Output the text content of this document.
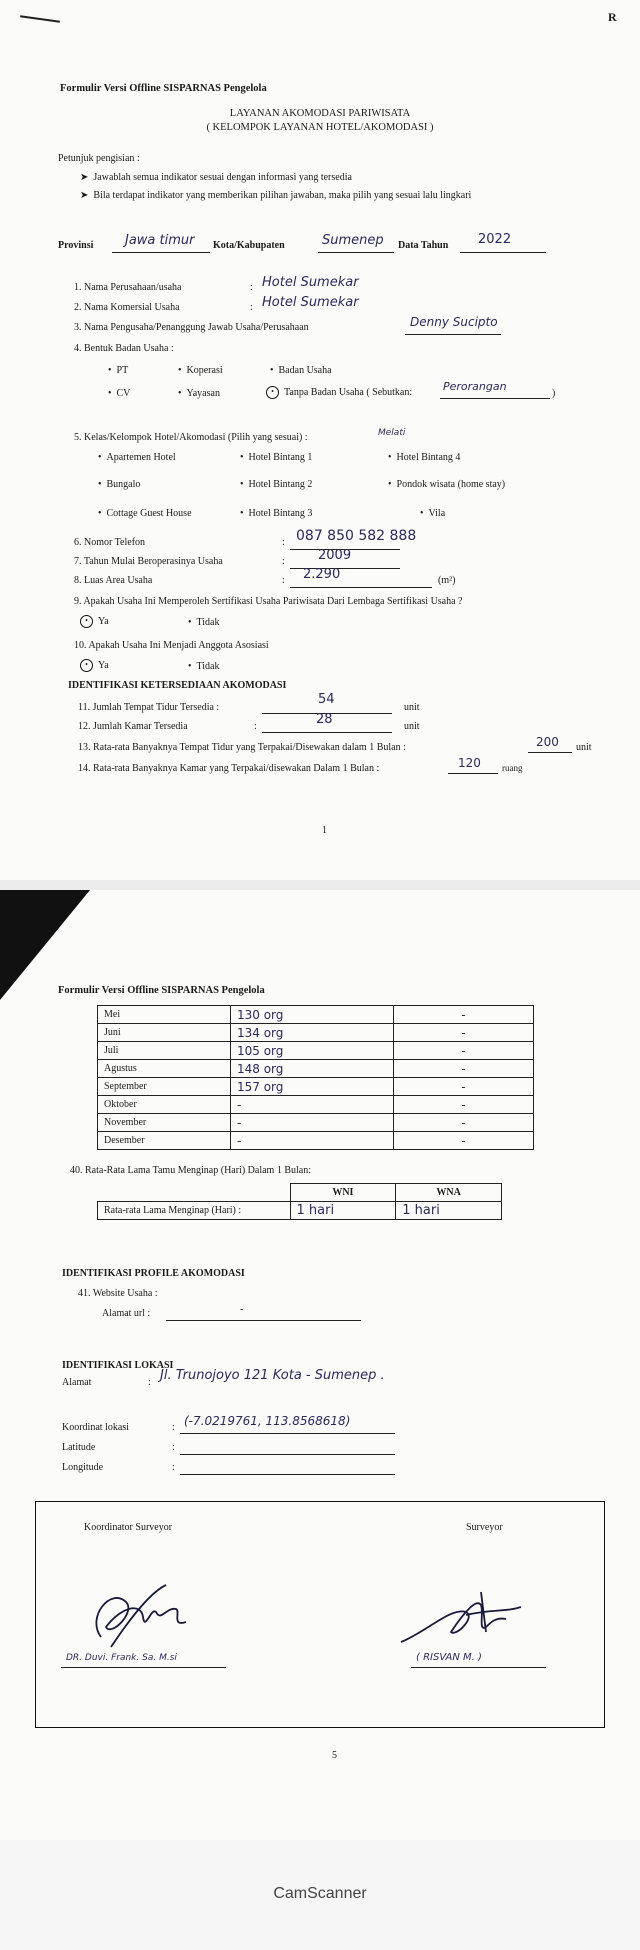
R
Formulir Versi Offline SISPARNAS Pengelola
LAYANAN AKOMODASI PARIWISATA
( KELOMPOK LAYANAN HOTEL/AKOMODASI )
Petunjuk pengisian :
➤  Jawablah semua indikator sesuai dengan informasi yang tersedia
➤  Bila terdapat indikator yang memberikan pilihan jawaban, maka pilih yang sesuai lalu lingkari
Provinsi Jawa timur Kota/Kabupaten	Sumenep Data Tahun 2022
1. Nama Perusahaan/usaha	: Hotel Sumekar
2. Nama Komersial Usaha	: Hotel Sumekar
3. Nama Pengusaha/Penanggung Jawab Usaha/Perusahaan	Denny Sucipto
4. Bentuk Badan Usaha :
• PT	• Koperasi	• Badan Usaha
• CV	• Yayasan	• Tanpa Badan Usaha ( Sebutkan:	Perorangan
)
5. Kelas/Kelompok Hotel/Akomodasi (Pilih yang sesuai) :	Melati
• Apartemen Hotel	• Hotel Bintang 1	• Hotel Bintang 4
• Bungalo	• Hotel Bintang 2	• Pondok wisata (home stay)
• Cottage Guest House	• Hotel Bintang 3	• Vila
6. Nomor Telefon	: 087 850 582 888
7. Tahun Mulai Beroperasinya Usaha	:	2009
8. Luas Area Usaha	: 2.290	(m²)
9. Apakah Usaha Ini Memperoleh Sertifikasi Usaha Pariwisata Dari Lembaga Sertifikasi Usaha ?
• Ya	• Tidak
10. Apakah Usaha Ini Menjadi Anggota Asosiasi
• Ya	• Tidak
IDENTIFIKASI KETERSEDIAAN AKOMODASI
11. Jumlah Tempat Tidur Tersedia :
54
unit
12. Jumlah Kamar Tersedia	:	28	unit
13. Rata-rata Banyaknya Tempat Tidur yang Terpakai/Disewakan dalam 1 Bulan :	200 unit
14. Rata-rata Banyaknya Kamar yang Terpakai/disewakan Dalam 1 Bulan :	120 ruang
1
Formulir Versi Offline SISPARNAS Pengelola
Mei	130 org	-
Juni	134 org	-
Juli	105 org	-
Agustus	148 org	-
September	157 org	-
Oktober	-	-
November	-	-
Desember	-	-
40. Rata-Rata Lama Tamu Menginap (Hari) Dalam 1 Bulan:
	WNI	WNA
Rata-rata Lama Menginap (Hari) :	1 hari	1 hari
IDENTIFIKASI PROFILE AKOMODASI
41. Website Usaha :
Alamat url :	-
IDENTIFIKASI LOKASI
Alamat	: Jl. Trunojoyo 121 Kota - Sumenep .
Koordinat lokasi	: (-7.0219761, 113.8568618)
Latitude	:
Longitude	:
5
Koordinator Surveyor	Surveyor
DR. Duvi. Frank. Sa. M.si	( RISVAN M. )
CamScanner
